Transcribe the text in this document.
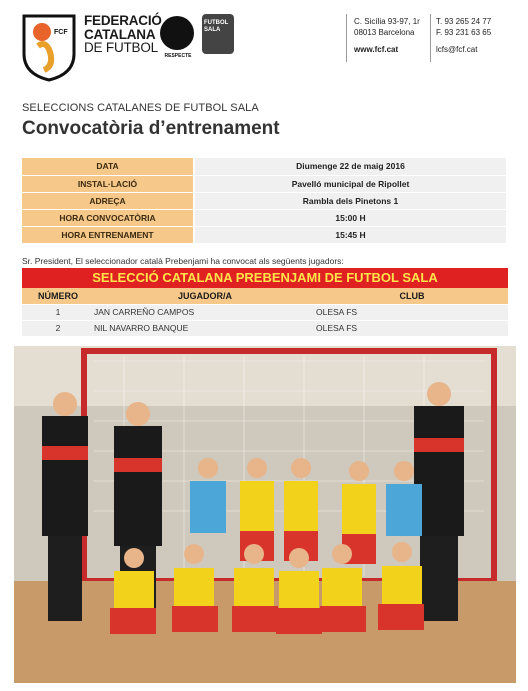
FCF
FEDERACIÓ
CATALANA
DE FUTBOL
RESPECTE
FUTBOL
SALA
C. Sicília 93-97, 1r
08013 Barcelona
www.fcf.cat
T. 93 265 24 77
F. 93 231 63 65
lcfs@fcf.cat
SELECCIONS CATALANES DE FUTBOL SALA
Convocatòria d’entrenament
DATA	Diumenge 22 de maig 2016
INSTAL·LACIÓ	Pavelló municipal de Ripollet
ADREÇA	Rambla dels Pinetons 1
HORA CONVOCATÒRIA	15:00 H
HORA ENTRENAMENT	15:45 H
Sr. President, El seleccionador català Prebenjami ha convocat als següents jugadors:
SELECCIÓ CATALANA PREBENJAMI DE FUTBOL SALA
NÚMERO	JUGADOR/A	CLUB
1	JAN CARREÑO CAMPOS	OLESA FS
2	NIL NAVARRO BANQUE	OLESA FS
